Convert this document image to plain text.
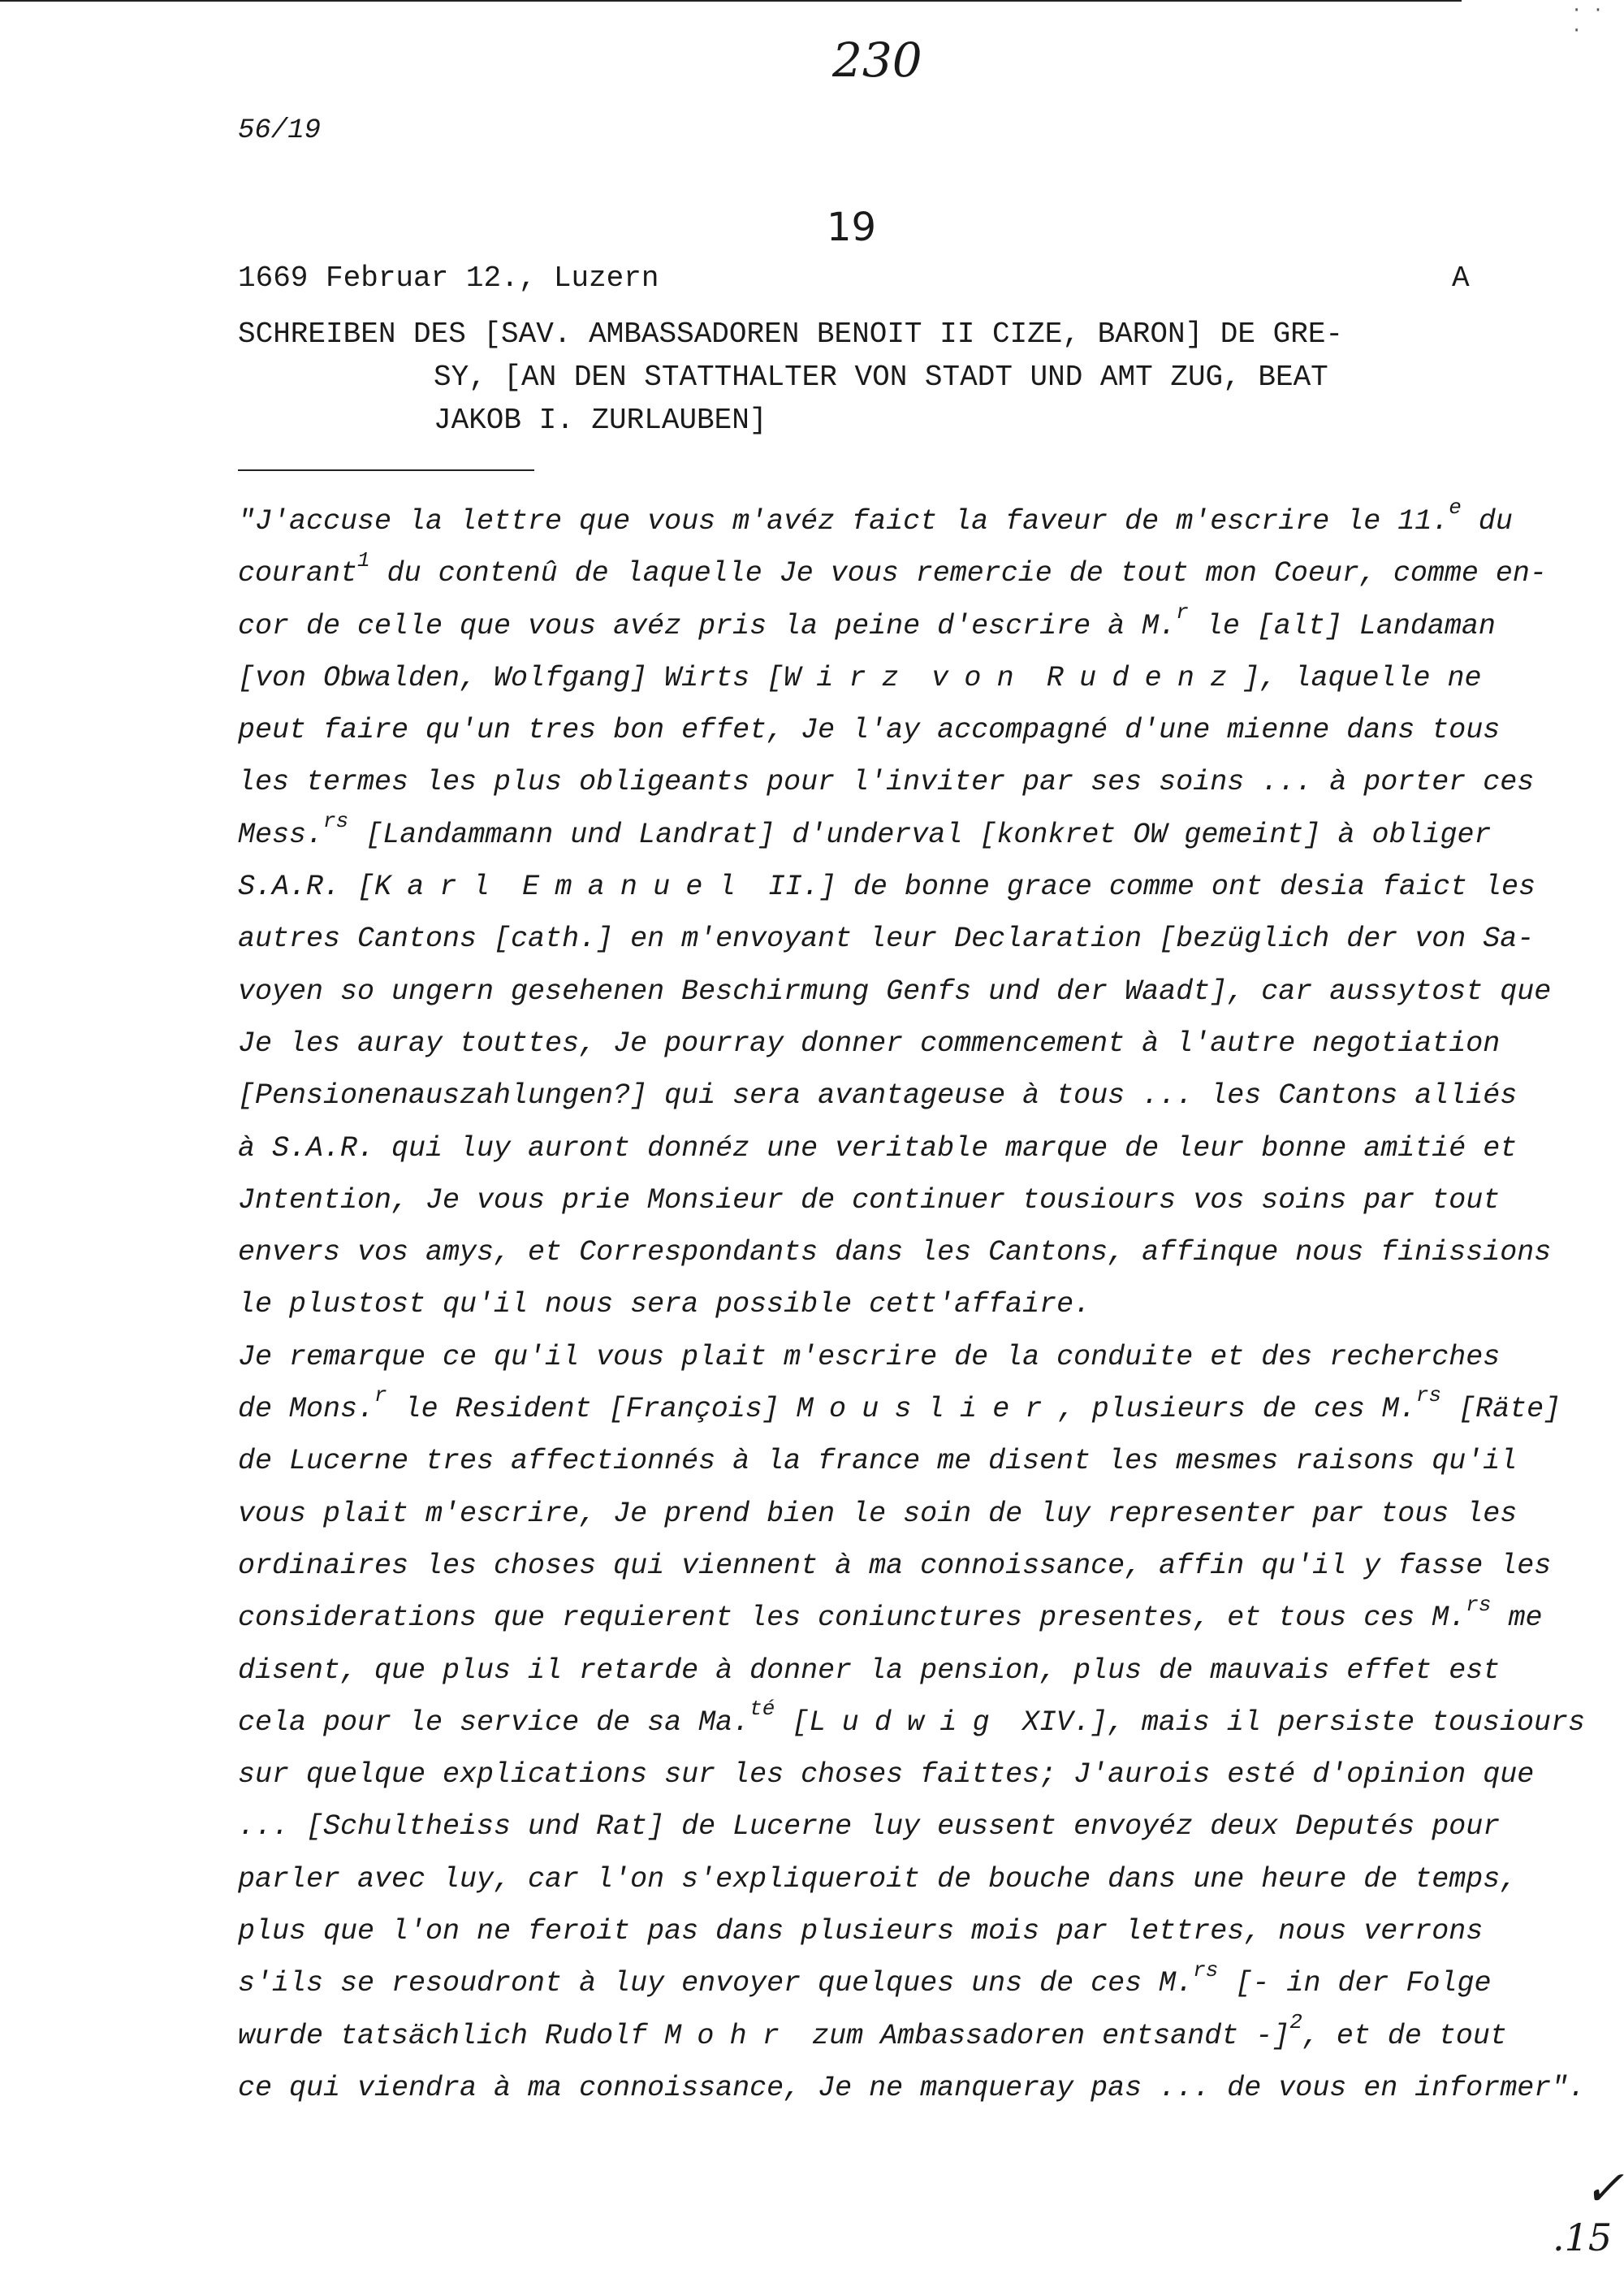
· · ·
230
56/19
19
1669 Februar 12., Luzern	A
SCHREIBEN DES [SAV. AMBASSADOREN BENOIT II CIZE, BARON] DE GRE-
SY, [AN DEN STATTHALTER VON STADT UND AMT ZUG, BEAT
JAKOB I. ZURLAUBEN]
"J'accuse la lettre que vous m'avéz faict la faveur de m'escrire le 11.$^e$ du
courant$^1$ du contenû de laquelle Je vous remercie de tout mon Coeur, comme en-
cor de celle que vous avéz pris la peine d'escrire à M.$^r$ le [alt] Landaman
[von Obwalden, Wolfgang] Wirts [Wirz von Rudenz], laquelle ne
peut faire qu'un tres bon effet, Je l'ay accompagné d'une mienne dans tous
les termes les plus obligeants pour l'inviter par ses soins ... à porter ces
Mess.$^{rs}$ [Landammann und Landrat] d'underval [konkret OW gemeint] à obliger
S.A.R. [Karl Emanuel II.] de bonne grace comme ont desia faict les
autres Cantons [cath.] en m'envoyant leur Declaration [bezüglich der von Sa-
voyen so ungern gesehenen Beschirmung Genfs und der Waadt], car aussytost que
Je les auray touttes, Je pourray donner commencement à l'autre negotiation
[Pensionenauszahlungen?] qui sera avantageuse à tous ... les Cantons alliés
à S.A.R. qui luy auront donnéz une veritable marque de leur bonne amitié et
Jntention, Je vous prie Monsieur de continuer tousiours vos soins par tout
envers vos amys, et Correspondants dans les Cantons, affinque nous finissions
le plustost qu'il nous sera possible cett'affaire.
Je remarque ce qu'il vous plait m'escrire de la conduite et des recherches
de Mons.$^r$ le Resident [François] Mouslier, plusieurs de ces M.$^{rs}$ [Räte]
de Lucerne tres affectionnés à la france me disent les mesmes raisons qu'il
vous plait m'escrire, Je prend bien le soin de luy representer par tous les
ordinaires les choses qui viennent à ma connoissance, affin qu'il y fasse les
considerations que requierent les coniunctures presentes, et tous ces M.$^{rs}$ me
disent, que plus il retarde à donner la pension, plus de mauvais effet est
cela pour le service de sa Ma.$^{té}$ [Ludwig XIV.], mais il persiste tousiours
sur quelque explications sur les choses faittes; J'aurois esté d'opinion que
... [Schultheiss und Rat] de Lucerne luy eussent envoyéz deux Deputés pour
parler avec luy, car l'on s'expliqueroit de bouche dans une heure de temps,
plus que l'on ne feroit pas dans plusieurs mois par lettres, nous verrons
s'ils se resoudront à luy envoyer quelques uns de ces M.$^{rs}$ [- in der Folge
wurde tatsächlich Rudolf Mohr zum Ambassadoren entsandt -]$^2$, et de tout
ce qui viendra à ma connoissance, Je ne manqueray pas ... de vous en informer".
✓
.15
